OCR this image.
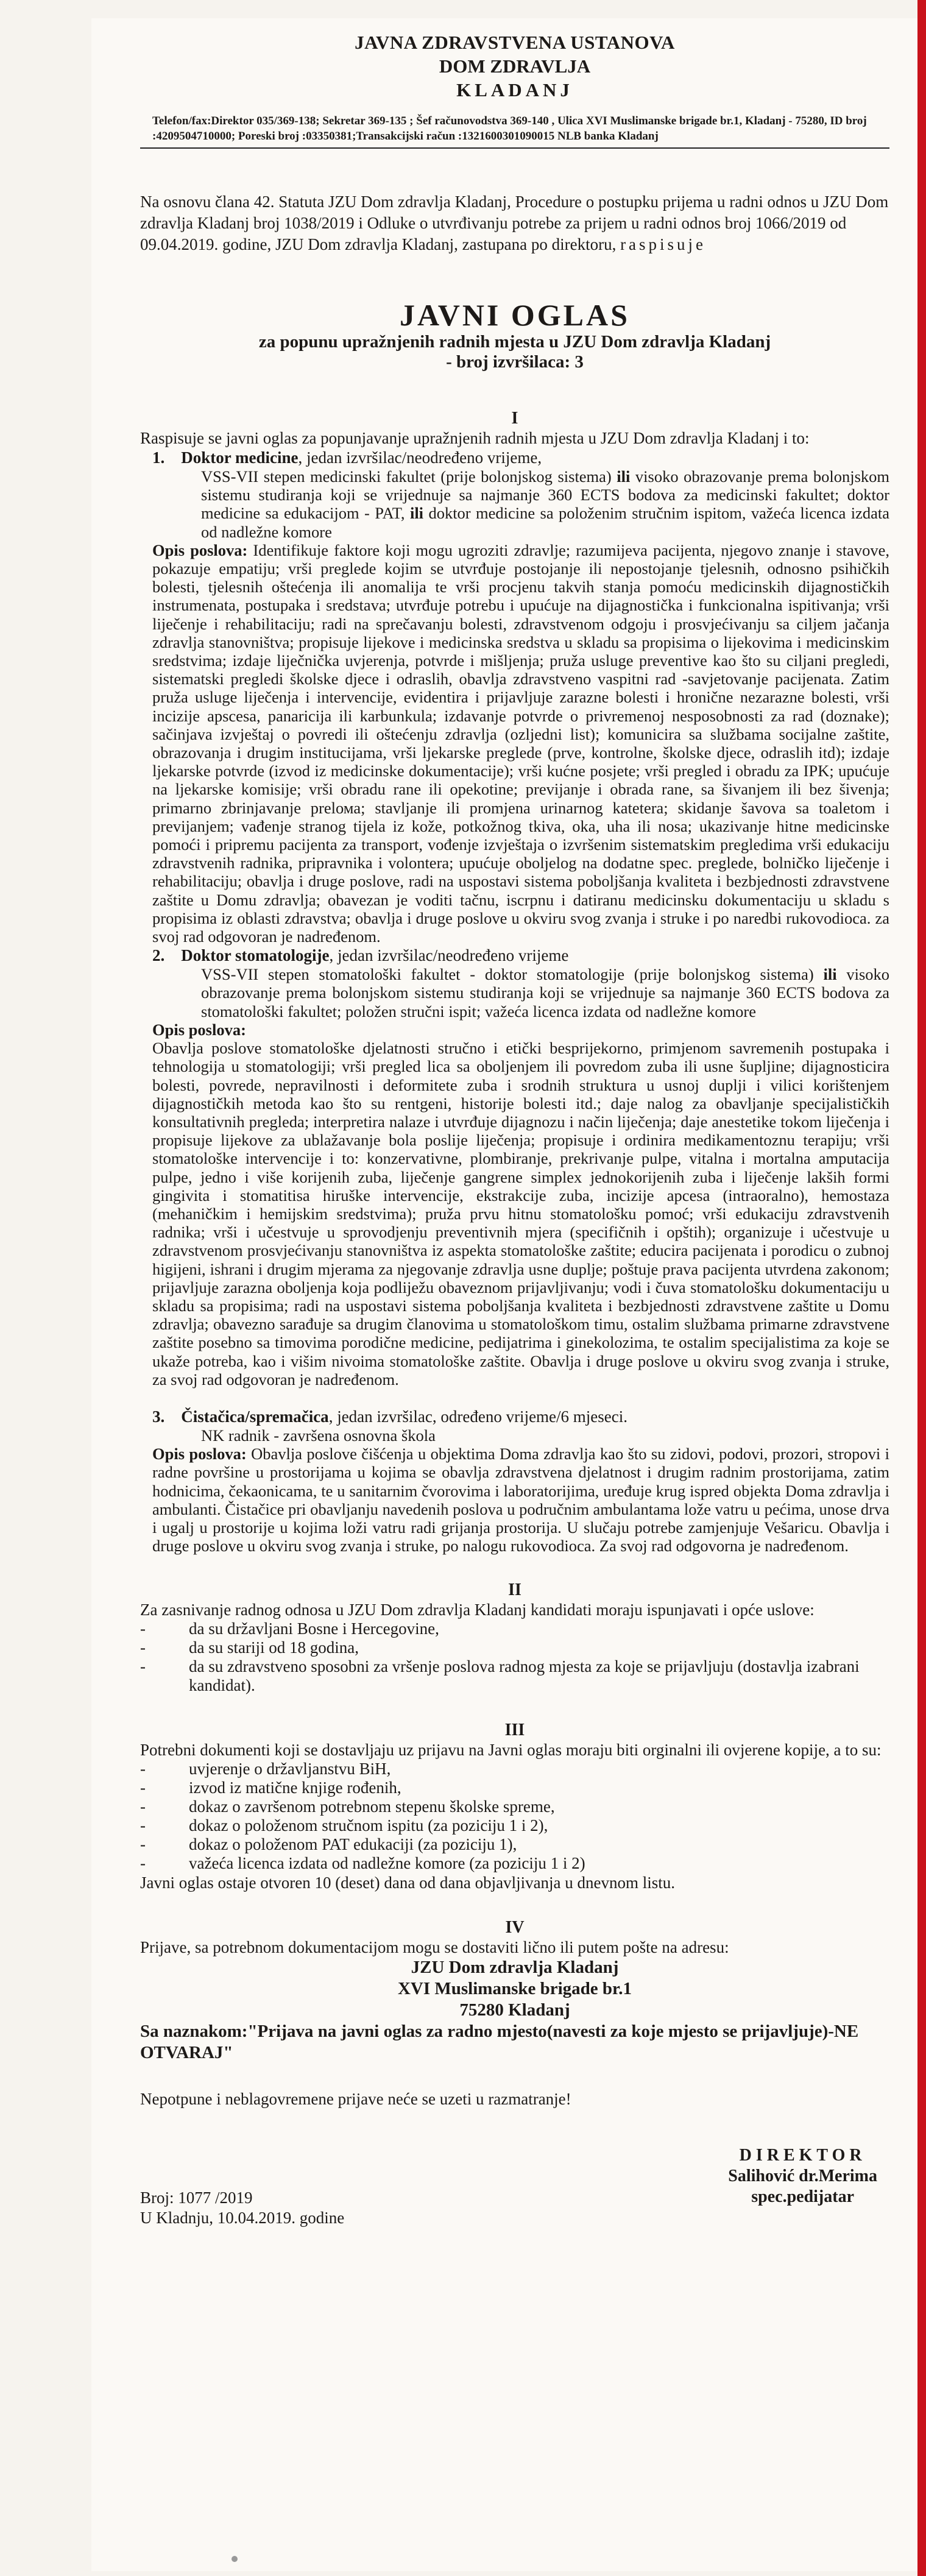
JAVNA ZDRAVSTVENA USTANOVA

DOM ZDRAVLJA

KLADANJ

Telefon/fax:Direktor 035/369-138; Sekretar 369-135 ; Šef računovodstva 369-140 , Ulica XVI Muslimanske brigade br.1, Kladanj - 75280, ID broj :4209504710000; Poreski broj :03350381;Transakcijski račun :1321600301090015 NLB banka Kladanj

Na osnovu člana 42. Statuta JZU Dom zdravlja Kladanj, Procedure o postupku prijema u radni odnos u JZU Dom zdravlja Kladanj broj 1038/2019 i Odluke o utvrđivanju potrebe za prijem u radni odnos broj 1066/2019 od 09.04.2019. godine, JZU Dom zdravlja Kladanj, zastupana po direktoru, raspisuje

JAVNI OGLAS

za popunu upražnjenih radnih mjesta u JZU Dom zdravlja Kladanj

- broj izvršilaca: 3

I

Raspisuje se javni oglas za popunjavanje upražnjenih radnih mjesta u JZU Dom zdravlja Kladanj i to:

1. Doktor medicine, jedan izvršilac/neodređeno vrijeme,

VSS-VII stepen medicinski fakultet (prije bolonjskog sistema) ili visoko obrazovanje prema bolonjskom sistemu studiranja koji se vrijednuje sa najmanje 360 ECTS bodova za medicinski fakultet; doktor medicine sa edukacijom - PAT, ili doktor medicine sa položenim stručnim ispitom, važeća licenca izdata od nadležne komore

Opis poslova: Identifikuje faktore koji mogu ugroziti zdravlje; razumijeva pacijenta, njegovo znanje i stavove, pokazuje empatiju; vrši preglede kojim se utvrđuje postojanje ili nepostojanje tjelesnih, odnosno psihičkih bolesti, tjelesnih oštećenja ili anomalija te vrši procjenu takvih stanja pomoću medicinskih dijagnostičkih instrumenata, postupaka i sredstava; utvrđuje potrebu i upućuje na dijagnostička i funkcionalna ispitivanja; vrši liječenje i rehabilitaciju; radi na sprečavanju bolesti, zdravstvenom odgoju i prosvjećivanju sa ciljem jačanja zdravlja stanovništva; propisuje lijekove i medicinska sredstva u skladu sa propisima o lijekovima i medicinskim sredstvima; izdaje liječnička uvjerenja, potvrde i mišljenja; pruža usluge preventive kao što su ciljani pregledi, sistematski pregledi školske djece i odraslih, obavlja zdravstveno vaspitni rad -savjetovanje pacijenata. Zatim pruža usluge liječenja i intervencije, evidentira i prijavljuje zarazne bolesti i hronične nezarazne bolesti, vrši incizije apscesa, panaricija ili karbunkula; izdavanje potvrde o privremenoj nesposobnosti za rad (doznake); sačinjava izvještaj o povredi ili oštećenju zdravlja (ozljedni list); komunicira sa službama socijalne zaštite, obrazovanja i drugim institucijama, vrši ljekarske preglede (prve, kontrolne, školske djece, odraslih itd); izdaje ljekarske potvrde (izvod iz medicinske dokumentacije); vrši kućne posjete; vrši pregled i obradu za IPK; upućuje na ljekarske komisije; vrši obradu rane ili opekotine; previjanje i obrada rane, sa šivanjem ili bez šivenja; primarno zbrinjavanje prelома; stavljanje ili promjena urinarnog katetera; skidanje šavova sa toaletom i previjanjem; vađenje stranog tijela iz kože, potkožnog tkiva, oka, uha ili nosa; ukazivanje hitne medicinske pomoći i pripremu pacijenta za transport, vođenje izvještaja o izvršenim sistematskim pregledima vrši edukaciju zdravstvenih radnika, pripravnika i volontera; upućuje oboljelog na dodatne spec. preglede, bolničko liječenje i rehabilitaciju; obavlja i druge poslove, radi na uspostavi sistema poboljšanja kvaliteta i bezbjednosti zdravstvene zaštite u Domu zdravlja; obavezan je voditi tačnu, iscrpnu i datiranu medicinsku dokumentaciju u skladu s propisima iz oblasti zdravstva; obavlja i druge poslove u okviru svog zvanja i struke i po naredbi rukovodioca. za svoj rad odgovoran je nadređenom.

2. Doktor stomatologije, jedan izvršilac/neodređeno vrijeme

VSS-VII stepen stomatološki fakultet - doktor stomatologije (prije bolonjskog sistema) ili visoko obrazovanje prema bolonjskom sistemu studiranja koji se vrijednuje sa najmanje 360 ECTS bodova za stomatološki fakultet; položen stručni ispit; važeća licenca izdata od nadležne komore

Opis poslova:

Obavlja poslove stomatološke djelatnosti stručno i etički besprijekorno, primjenom savremenih postupaka i tehnologija u stomatologiji; vrši pregled lica sa oboljenjem ili povredom zuba ili usne šupljine; dijagnosticira bolesti, povrede, nepravilnosti i deformitete zuba i srodnih struktura u usnoj duplji i vilici korištenjem dijagnostičkih metoda kao što su rentgeni, historije bolesti itd.; daje nalog za obavljanje specijalističkih konsultativnih pregleda; interpretira nalaze i utvrđuje dijagnozu i način liječenja; daje anestetike tokom liječenja i propisuje lijekove za ublažavanje bola poslije liječenja; propisuje i ordinira medikamentoznu terapiju; vrši stomatološke intervencije i to: konzervativne, plombiranje, prekrivanje pulpe, vitalna i mortalna amputacija pulpe, jedno i više korijenih zuba, liječenje gangrene simplex jednokorijenih zuba i liječenje lakših formi gingivita i stomatitisa hiruške intervencije, ekstrakcije zuba, incizije apcesa (intraoralno), hemostaza (mehaničkim i hemijskim sredstvima); pruža prvu hitnu stomatološku pomoć; vrši edukaciju zdravstvenih radnika; vrši i učestvuje u sprovodjenju preventivnih mjera (specifičnih i opštih); organizuje i učestvuje u zdravstvenom prosvjećivanju stanovništva iz aspekta stomatološke zaštite; educira pacijenata i porodicu o zubnoj higijeni, ishrani i drugim mjerama za njegovanje zdravlja usne duplje; poštuje prava pacijenta utvrdena zakonom; prijavljuje zarazna oboljenja koja podliježu obaveznom prijavljivanju; vodi i čuva stomatološku dokumentaciju u skladu sa propisima; radi na uspostavi sistema poboljšanja kvaliteta i bezbjednosti zdravstvene zaštite u Domu zdravlja; obavezno sarađuje sa drugim članovima u stomatološkom timu, ostalim službama primarne zdravstvene zaštite posebno sa timovima porodične medicine, pedijatrima i ginekolozima, te ostalim specijalistima za koje se ukaže potreba, kao i višim nivoima stomatološke zaštite. Obavlja i druge poslove u okviru svog zvanja i struke, za svoj rad odgovoran je nadređenom.

3. Čistačica/spremačica, jedan izvršilac, određeno vrijeme/6 mjeseci.

NK radnik - završena osnovna škola

Opis poslova: Obavlja poslove čišćenja u objektima Doma zdravlja kao što su zidovi, podovi, prozori, stropovi i radne površine u prostorijama u kojima se obavlja zdravstvena djelatnost i drugim radnim prostorijama, zatim hodnicima, čekaonicama, te u sanitarnim čvorovima i laboratorijima, uređuje krug ispred objekta Doma zdravlja i ambulanti. Čistačice pri obavljanju navedenih poslova u područnim ambulantama lože vatru u pećima, unose drva i ugalj u prostorije u kojima loži vatru radi grijanja prostorija. U slučaju potrebe zamjenjuje Vešaricu. Obavlja i druge poslove u okviru svog zvanja i struke, po nalogu rukovodioca. Za svoj rad odgovorna je nadređenom.

II

Za zasnivanje radnog odnosa u JZU Dom zdravlja Kladanj kandidati moraju ispunjavati i opće uslove:

- da su državljani Bosne i Hercegovine,
- da su stariji od 18 godina,
- da su zdravstveno sposobni za vršenje poslova radnog mjesta za koje se prijavljuju (dostavlja izabrani kandidat).

III

Potrebni dokumenti koji se dostavljaju uz prijavu na Javni oglas moraju biti orginalni ili ovjerene kopije, a to su:

- uvjerenje o državljanstvu BiH,
- izvod iz matične knjige rođenih,
- dokaz o završenom potrebnom stepenu školske spreme,
- dokaz o položenom stručnom ispitu (za poziciju 1 i 2),
- dokaz o položenom PAT edukaciji (za poziciju 1),
- važeća licenca izdata od nadležne komore (za poziciju 1 i 2)

Javni oglas ostaje otvoren 10 (deset) dana od dana objavljivanja u dnevnom listu.

IV

Prijave, sa potrebnom dokumentacijom mogu se dostaviti lično ili putem pošte na adresu:

JZU Dom zdravlja Kladanj

XVI Muslimanske brigade br.1

75280 Kladanj

Sa naznakom:"Prijava na javni oglas za radno mjesto(navesti za koje mjesto se prijavljuje)-NE OTVARAJ"

Nepotpune i neblagovremene prijave neće se uzeti u razmatranje!

Broj: 1077 /2019

U Kladnju, 10.04.2019. godine

DIREKTOR

Salihović dr.Merima

spec.pedijatar
